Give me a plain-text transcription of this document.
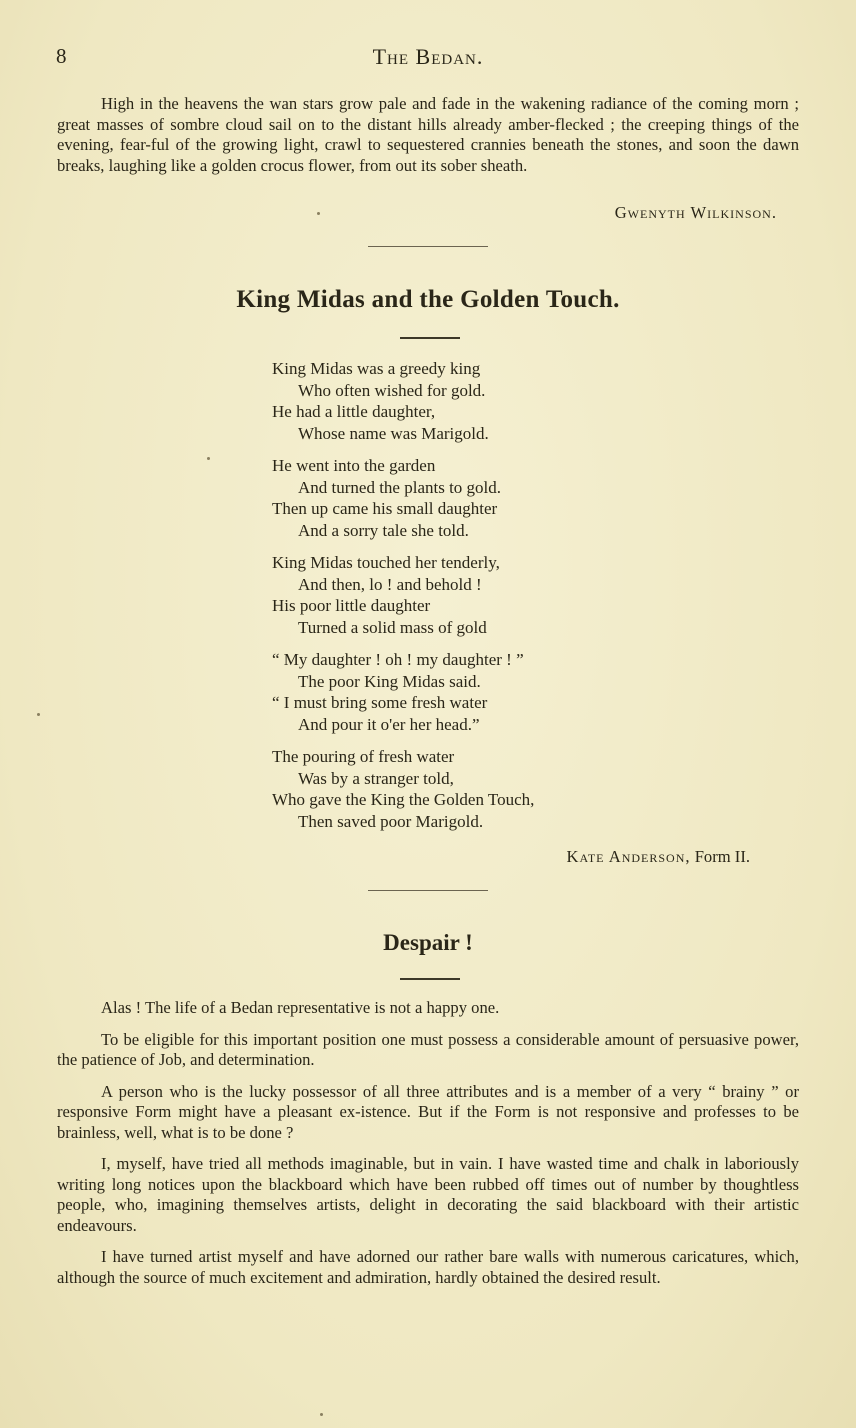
8	The Bedan.

High in the heavens the wan stars grow pale and fade in the wakening radiance of the coming morn ; great masses of sombre cloud sail on to the distant hills already amber-flecked ; the creeping things of the evening, fear-ful of the growing light, crawl to sequestered crannies beneath the stones, and soon the dawn breaks, laughing like a golden crocus flower, from out its sober sheath.

Gwenyth Wilkinson.
King Midas and the Golden Touch.
King Midas was a greedy king
Who often wished for gold.
He had a little daughter,
Whose name was Marigold.
He went into the garden
And turned the plants to gold.
Then up came his small daughter
And a sorry tale she told.
King Midas touched her tenderly,
And then, lo ! and behold !
His poor little daughter
Turned a solid mass of gold
“ My daughter ! oh ! my daughter ! ”
The poor King Midas said.
“ I must bring some fresh water
And pour it o'er her head.”
The pouring of fresh water
Was by a stranger told,
Who gave the King the Golden Touch,
Then saved poor Marigold.
Kate Anderson, Form II.
Despair !

Alas ! The life of a Bedan representative is not a happy one.

To be eligible for this important position one must possess a considerable amount of persuasive power, the patience of Job, and determination.

A person who is the lucky possessor of all three attributes and is a member of a very “ brainy ” or responsive Form might have a pleasant ex-istence. But if the Form is not responsive and professes to be brainless, well, what is to be done ?

I, myself, have tried all methods imaginable, but in vain. I have wasted time and chalk in laboriously writing long notices upon the blackboard which have been rubbed off times out of number by thoughtless people, who, imagining themselves artists, delight in decorating the said blackboard with their artistic endeavours.

I have turned artist myself and have adorned our rather bare walls with numerous caricatures, which, although the source of much excitement and admiration, hardly obtained the desired result.
